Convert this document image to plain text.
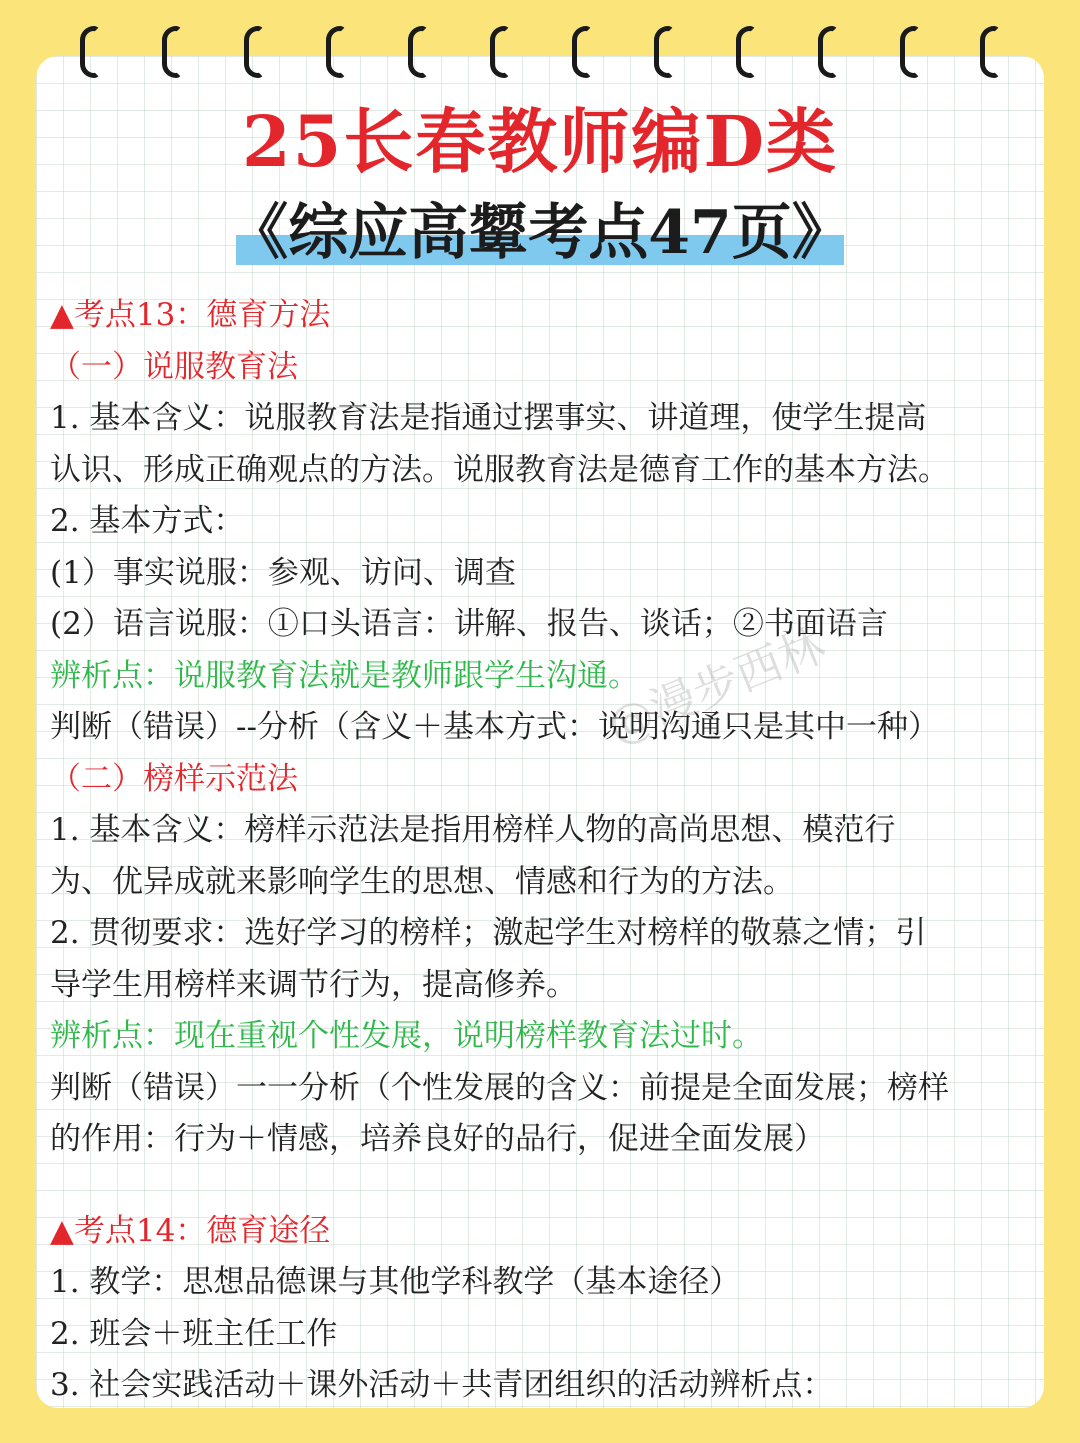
25长春教师编D类
《综应高颦考点47页》
@漫步西林
▲考点13：德育方法
（一）说服教育法
1. 基本含义：说服教育法是指通过摆事实、讲道理，使学生提高
认识、形成正确观点的方法。说服教育法是德育工作的基本方法。
2. 基本方式：
(1）事实说服：参观、访问、调查
(2）语言说服：①口头语言：讲解、报告、谈话；②书面语言
辨析点：说服教育法就是教师跟学生沟通。
判断（错误）--分析（含义＋基本方式：说明沟通只是其中一种）
（二）榜样示范法
1. 基本含义：榜样示范法是指用榜样人物的高尚思想、模范行
为、优异成就来影响学生的思想、情感和行为的方法。
2. 贯彻要求：选好学习的榜样；激起学生对榜样的敬慕之情；引
导学生用榜样来调节行为，提高修养。
辨析点：现在重视个性发展，说明榜样教育法过时。
判断（错误）一一分析（个性发展的含义：前提是全面发展；榜样
的作用：行为＋情感，培养良好的品行，促进全面发展）
▲考点14：德育途径
1. 教学：思想品德课与其他学科教学（基本途径）
2. 班会＋班主任工作
3. 社会实践活动＋课外活动＋共青团组织的活动辨析点：
